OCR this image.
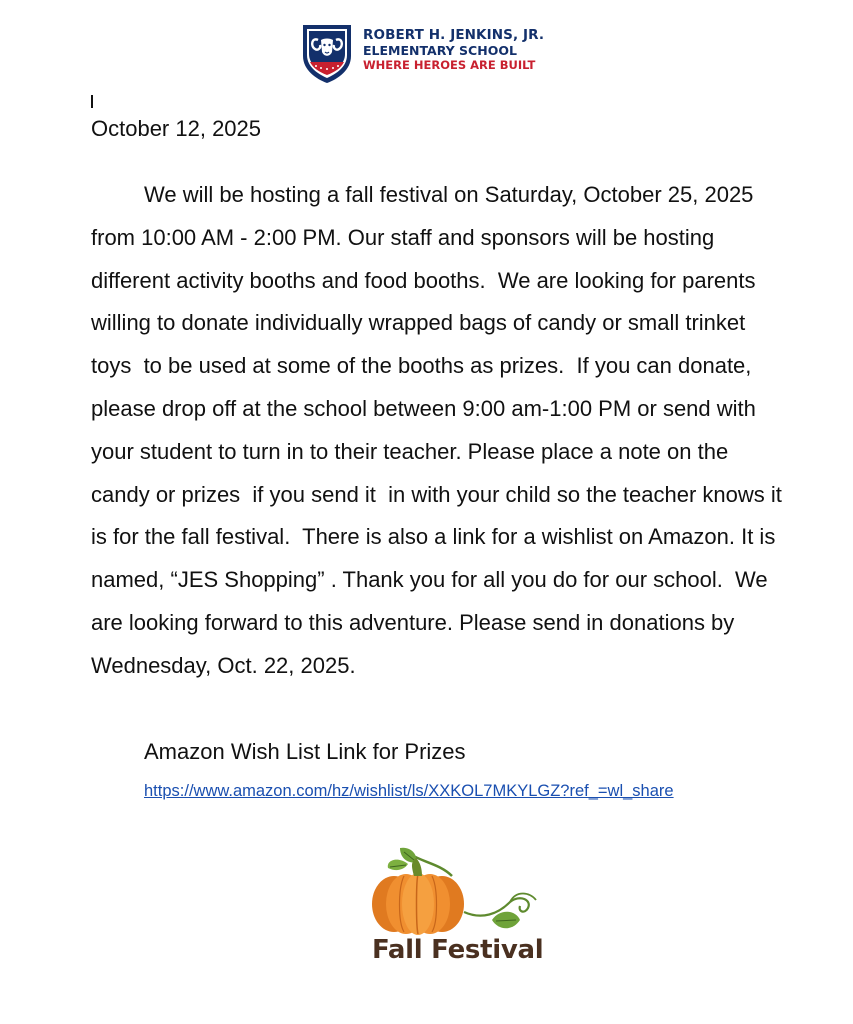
ROBERT H. JENKINS, JR.
ELEMENTARY SCHOOL
WHERE HEROES ARE BUILT
October 12, 2025

We will be hosting a fall festival on Saturday, October 25, 2025 from 10:00 AM - 2:00 PM. Our staff and sponsors will be hosting different activity booths and food booths.  We are looking for parents willing to donate individually wrapped bags of candy or small trinket toys  to be used at some of the booths as prizes.  If you can donate, please drop off at the school between 9:00 am-1:00 PM or send with your student to turn in to their teacher. Please place a note on the candy or prizes  if you send it  in with your child so the teacher knows it is for the fall festival.  There is also a link for a wishlist on Amazon. It is named, “JES Shopping” . Thank you for all you do for our school.  We are looking forward to this adventure. Please send in donations by Wednesday, Oct. 22, 2025.

Amazon Wish List Link for Prizes
https://www.amazon.com/hz/wishlist/ls/XXKOL7MKYLGZ?ref_=wl_share
Fall Festival
